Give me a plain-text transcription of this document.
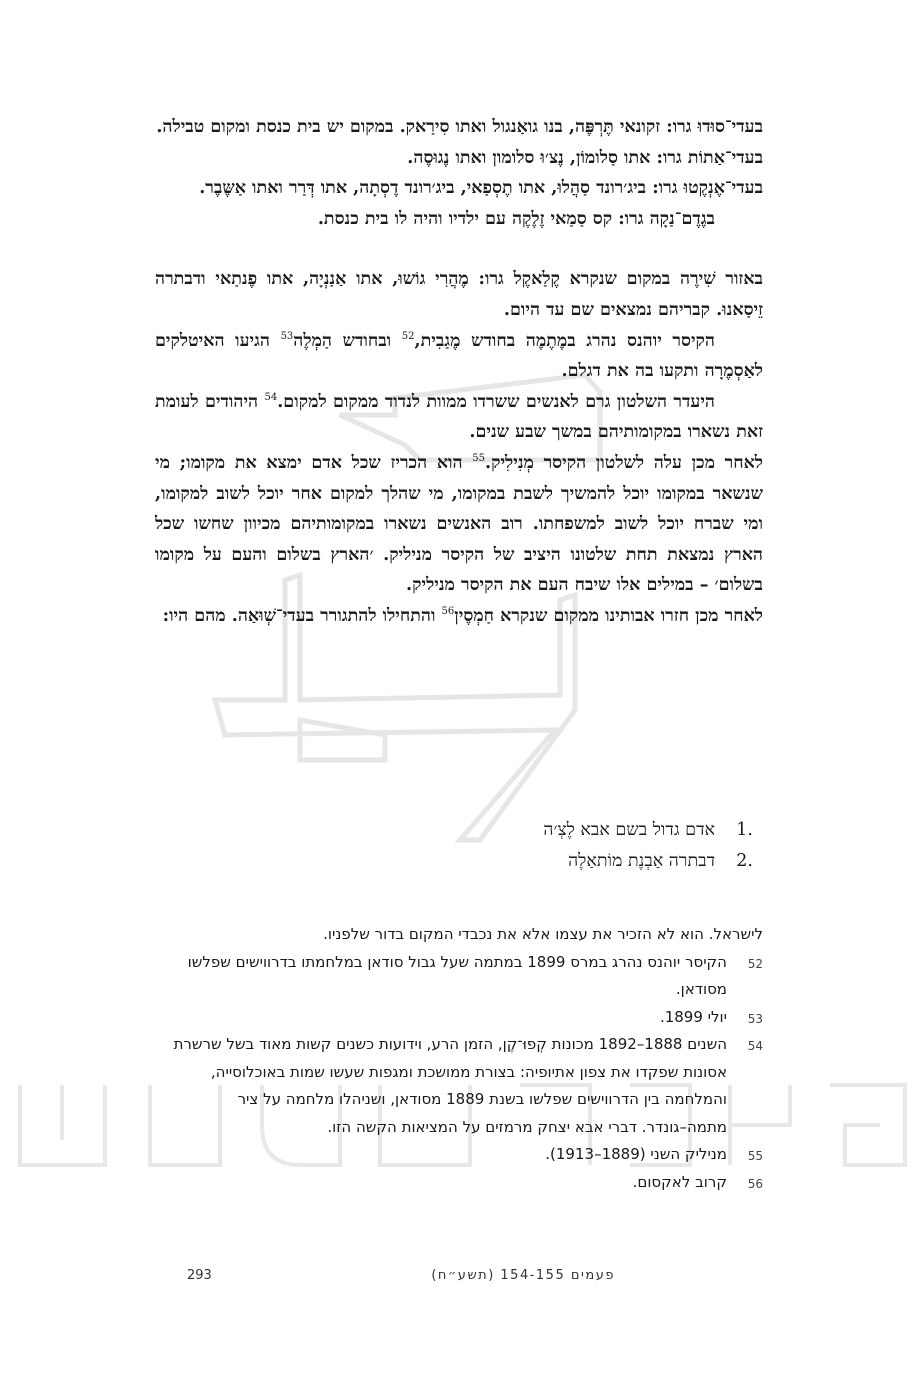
בעדי־סוּדוּ גרו: זקונאי תֶּרְפֶּה, בנו גואַנגול ואתו סִירַאק. במקום יש בית כנסת ומקום טבילה.

בעדי־אַתוֹת גרו: אתו סַלומוֹן, נֶצ׳וּ סלומון ואתו נֶגוּסֶה.

בעדי־אֶנְקֶטוּ גרו: ביג׳רונד סַהֲלוּ, אתו תֶסְפַאי, ביג׳רונד דֶסְתָה, אתו דְּרַר ואתו אַשֶּבֶר.

בגֶדֶם־נַקָה גרו: קס סַמַאי זֶלֶקֶה עם ילדיו והיה לו בית כנסת.

באזור שִׁירֶה במקום שנקרא קֶלַאקֶל גרו: מֶהֲרִי גוֹשוּ, אתו אַנַנְיָה, אתו פֶנתַאי ודבתרה זֵיסַאנוּ. קבריהם נמצאים שם עד היום.

הקיסר יוהנס נהרג במֶתֶמֶה בחודש מֶגַבִית,$^{52}$ ובחודש הַמְלֶה$^{53}$ הגיעו האיטלקים לאַסְמֶרָה ותקעו בה את דגלם.

היעדר השלטון גרם לאנשים ששרדו ממוות לנדוד ממקום למקום.$^{54}$ היהודים לעומת זאת נשארו במקומותיהם במשך שבע שנים.

לאחר מכן עלה לשלטון הקיסר מְנִילִיק.$^{55}$ הוא הכריז שכל אדם ימצא את מקומו; מי שנשאר במקומו יוכל להמשיך לשבת במקומו, מי שהלך למקום אחר יוכל לשוב למקומו, ומי שברח יוכל לשוב למשפחתו. רוב האנשים נשארו במקומותיהם מכיוון שחשו שכל הארץ נמצאת תחת שלטונו היציב של הקיסר מניליק. ׳הארץ בשלום והעם על מקומו בשלום׳ – במילים אלו שיבח העם את הקיסר מניליק.

לאחר מכן חזרו אבותינו ממקום שנקרא חַמְסֶין$^{56}$ והתחילו להתגורר בעדי־שְׁוּאַה. מהם היו:

1.
אדם גדול בשם אבא לֶצְ׳ה
2.
דבתרה אַבְנֶת מוֹתאַלֶה
לישראל. הוא לא הזכיר את עצמו אלא את נכבדי המקום בדור שלפניו.
52
הקיסר יוהנס נהרג במרס 1899 במתמה שעל גבול סודאן במלחמתו בדרווישים שפלשו מסודאן.
53
יולי 1899.
54
השנים 1888–1892 מכונות קְפוּ־קֶן, הזמן הרע, וידועות כשנים קשות מאוד בשל שרשרת אסונות שפקדו את צפון אתיופיה: בצורת ממושכת ומגפות שעשו שמות באוכלוסייה, והמלחמה בין הדרווישים שפלשו בשנת 1889 מסודאן, ושניהלו מלחמה על ציר מתמה–גונדר. דברי אבא יצחק מרמזים על המציאות הקשה הזו.
55
מניליק השני (1889–1913).
56
קרוב לאקסום.
פעמים 154-155 (תשע״ח)
293
